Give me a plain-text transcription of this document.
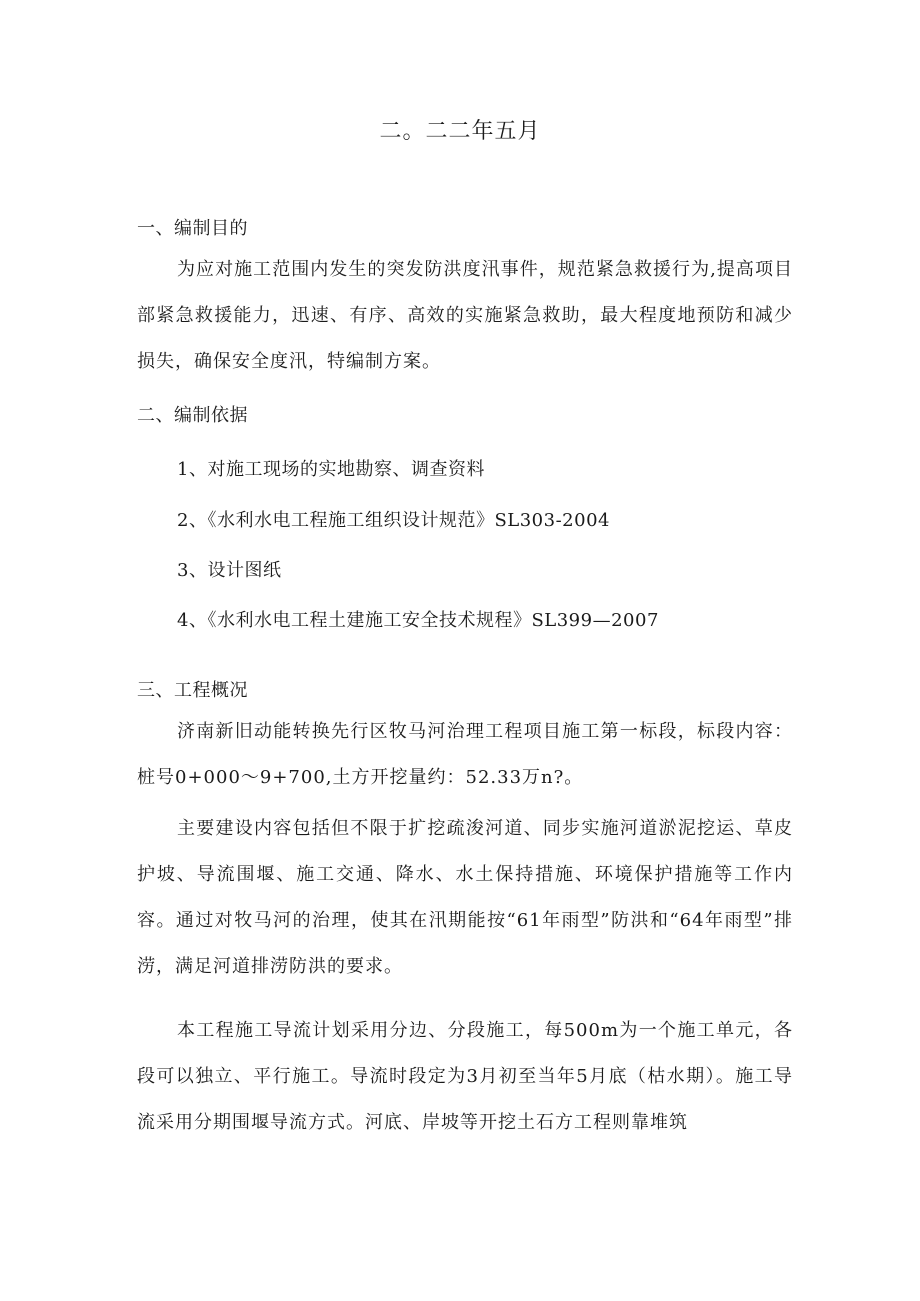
二。二二年五月
一、编制目的
为应对施工范围内发生的突发防洪度汛事件，规范紧急救援行为,提高项目部紧急救援能力，迅速、有序、高效的实施紧急救助，最大程度地预防和减少损失，确保安全度汛，特编制方案。
二、编制依据
1、对施工现场的实地勘察、调查资料
2、《水利水电工程施工组织设计规范》SL303-2004
3、设计图纸
4、《水利水电工程土建施工安全技术规程》SL399—2007
三、工程概况
济南新旧动能转换先行区牧马河治理工程项目施工第一标段，标段内容：桩号0+000～9+700,土方开挖量约：52.33万n?。
主要建设内容包括但不限于扩挖疏浚河道、同步实施河道淤泥挖运、草皮护坡、导流围堰、施工交通、降水、水土保持措施、环境保护措施等工作内容。通过对牧马河的治理，使其在汛期能按“61年雨型”防洪和“64年雨型”排涝，满足河道排涝防洪的要求。
本工程施工导流计划采用分边、分段施工，每500m为一个施工单元，各段可以独立、平行施工。导流时段定为3月初至当年5月底（枯水期）。施工导流采用分期围堰导流方式。河底、岸坡等开挖土石方工程则靠堆筑
